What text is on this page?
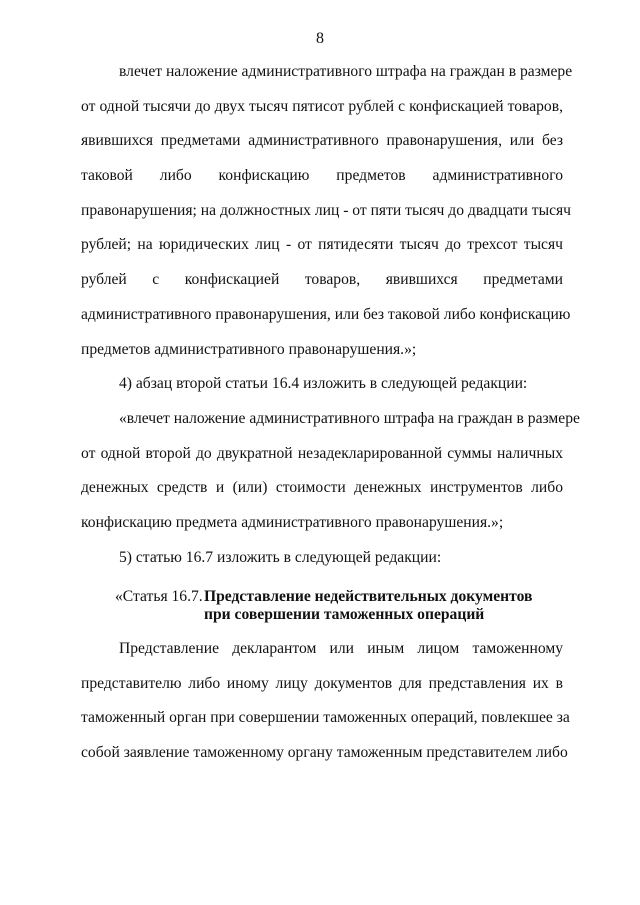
8
влечет наложение административного штрафа на граждан в размере
от одной тысячи до двух тысяч пятисот рублей с конфискацией товаров,
явившихся предметами административного правонарушения, или без
таковой либо конфискацию предметов административного
правонарушения; на должностных лиц - от пяти тысяч до двадцати тысяч
рублей; на юридических лиц - от пятидесяти тысяч до трехсот тысяч
рублей с конфискацией товаров, явившихся предметами
административного правонарушения, или без таковой либо конфискацию
предметов административного правонарушения.»;
4) абзац второй статьи 16.4 изложить в следующей редакции:
«влечет наложение административного штрафа на граждан в размере
от одной второй до двукратной незадекларированной суммы наличных
денежных средств и (или) стоимости денежных инструментов либо
конфискацию предмета административного правонарушения.»;
5) статью 16.7 изложить в следующей редакции:
«Статья 16.7.Представление недействительных документов
при совершении таможенных операций
Представление декларантом или иным лицом таможенному
представителю либо иному лицу документов для представления их в
таможенный орган при совершении таможенных операций, повлекшее за
собой заявление таможенному органу таможенным представителем либо
